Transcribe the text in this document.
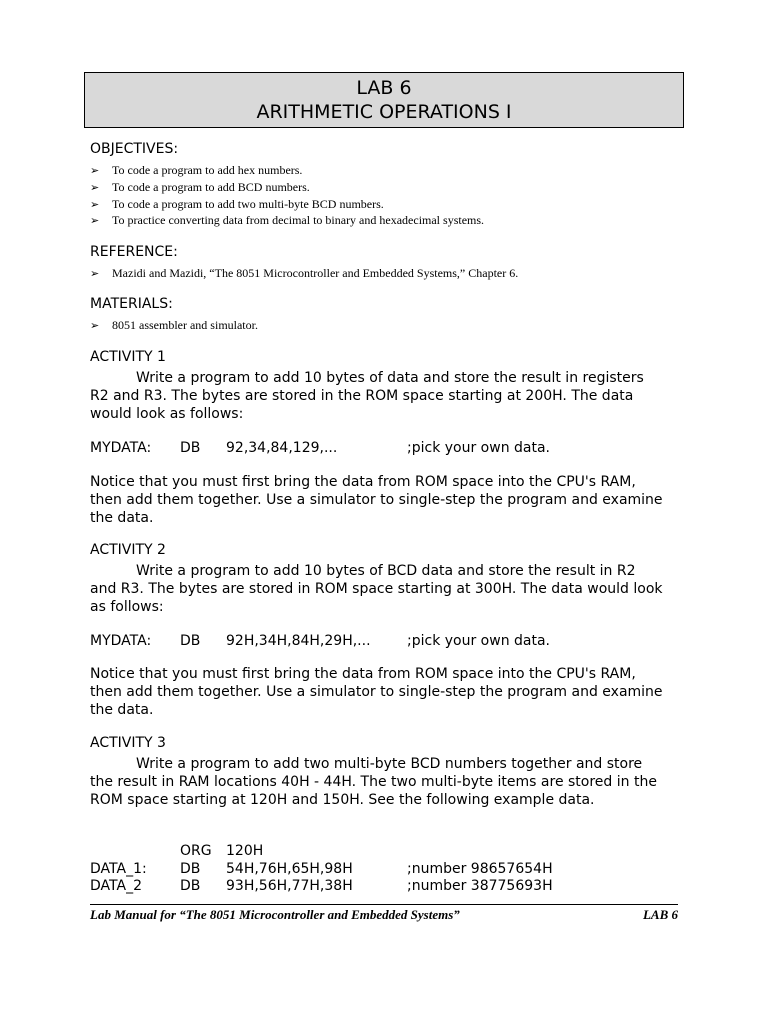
LAB 6
ARITHMETIC OPERATIONS I
OBJECTIVES:
➢ To code a program to add hex numbers.
➢ To code a program to add BCD numbers.
➢ To code a program to add two multi-byte BCD numbers.
➢ To practice converting data from decimal to binary and hexadecimal systems.
REFERENCE:
➢ Mazidi and Mazidi, “The 8051 Microcontroller and Embedded Systems,” Chapter 6.
MATERIALS:
➢ 8051 assembler and simulator.
ACTIVITY 1
Write a program to add 10 bytes of data and store the result in registers R2 and R3. The bytes are stored in the ROM space starting at 200H. The data would look as follows:
MYDATA: DB 92,34,84,129,...	;pick your own data.
Notice that you must first bring the data from ROM space into the CPU's RAM, then add them together. Use a simulator to single-step the program and examine the data.
ACTIVITY 2
Write a program to add 10 bytes of BCD data and store the result in R2 and R3. The bytes are stored in ROM space starting at 300H. The data would look as follows:
MYDATA: DB 92H,34H,84H,29H,...	;pick your own data.
Notice that you must first bring the data from ROM space into the CPU's RAM, then add them together. Use a simulator to single-step the program and examine the data.
ACTIVITY 3
Write a program to add two multi-byte BCD numbers together and store the result in RAM locations 40H - 44H. The two multi-byte items are stored in the ROM space starting at 120H and 150H. See the following example data.
ORG 120H
DATA_1: DB 54H,76H,65H,98H	;number 98657654H
DATA_2	DB 93H,56H,77H,38H	;number 38775693H
Lab Manual for “The 8051 Microcontroller and Embedded Systems”	LAB 6
